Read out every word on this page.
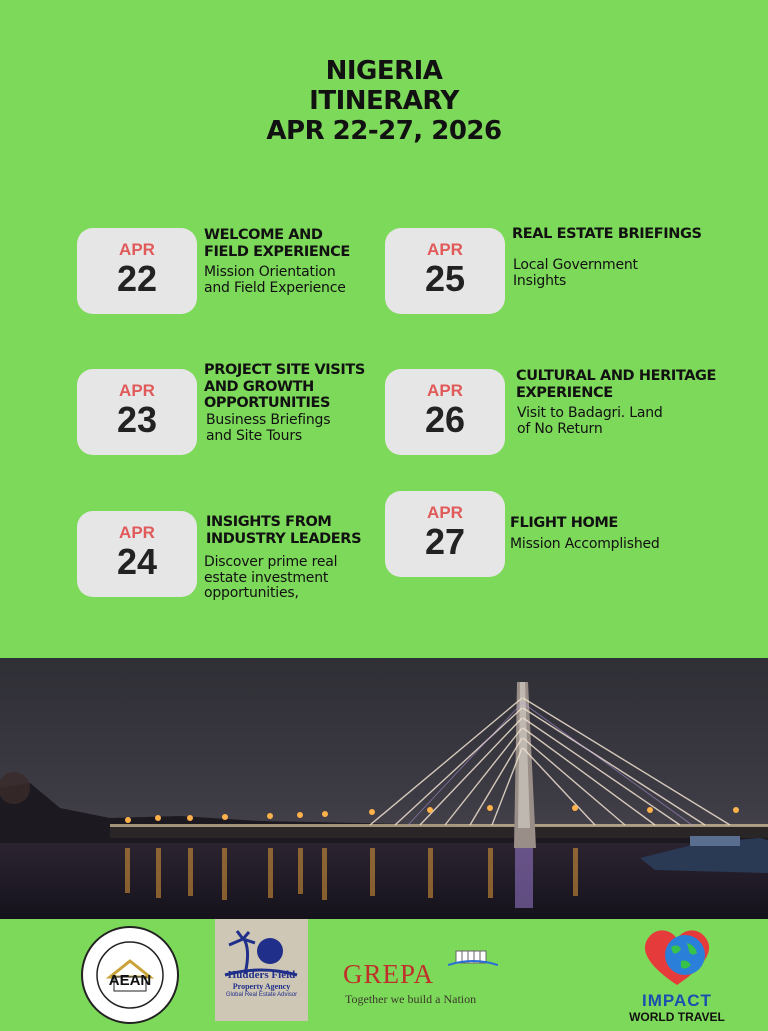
NIGERIA
ITINERARY
APR 22-27, 2026
APR
22
WELCOME AND
FIELD EXPERIENCE
Mission Orientation
and Field Experience
APR
23
PROJECT SITE VISITS
AND GROWTH
OPPORTUNITIES
Business Briefings
and Site Tours
APR
24
INSIGHTS FROM
INDUSTRY LEADERS
Discover prime real
estate investment
opportunities,
APR
25
REAL ESTATE BRIEFINGS
Local Government
Insights
APR
26
CULTURAL AND HERITAGE
EXPERIENCE
Visit to Badagri. Land
of No Return
APR
27	FLIGHT HOME
Mission Accomplished
AEAN	Hudders Field
Property Agency
Global Real Estate Advisor
GREPA
Together we build a Nation	IMPACT
WORLD TRAVEL
